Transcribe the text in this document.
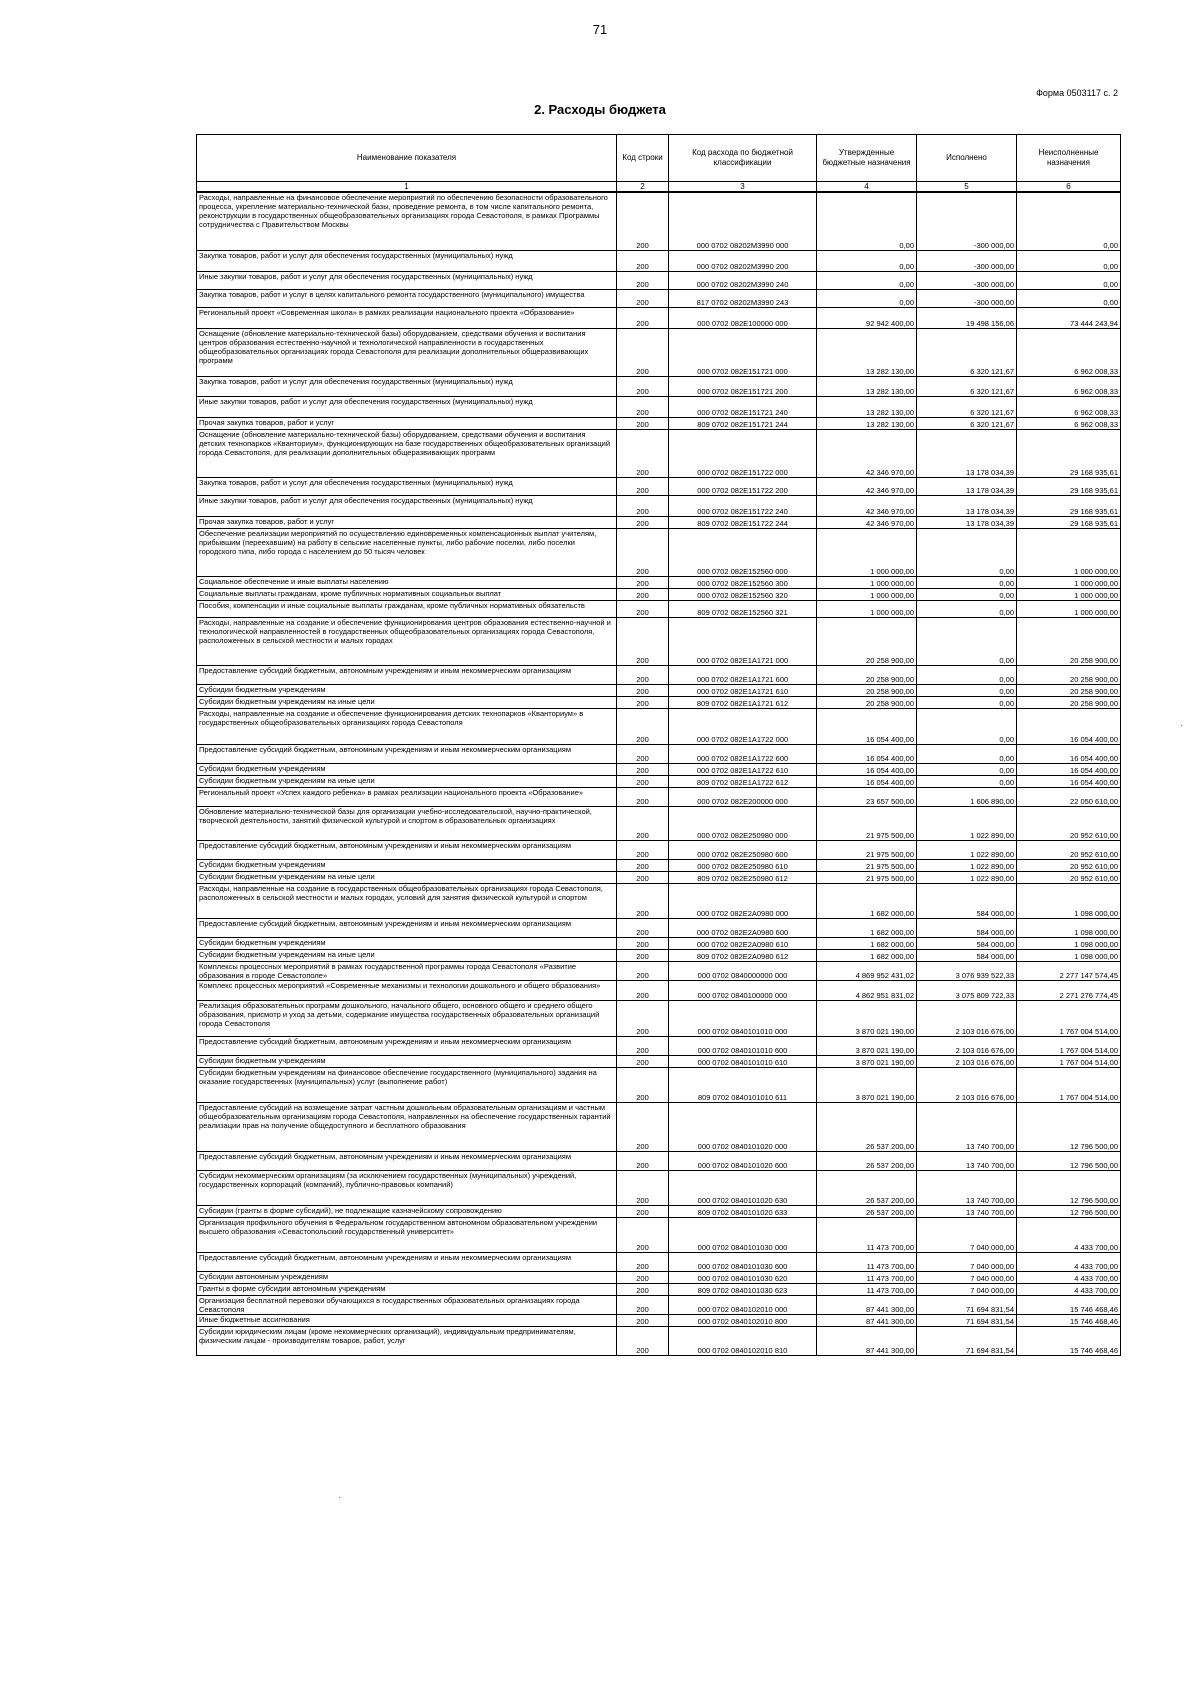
71
Форма 0503117 с. 2
2. Расходы бюджета
Наименование показателя	Код строки	Код расхода по бюджетной классификации	Утвержденные бюджетные назначения	Исполнено	Неисполненные назначения
1	2	3	4	5	6
Расходы, направленные на финансовое обеспечение мероприятий по обеспечению безопасности образовательного процесса, укрепление материально-технической базы, проведение ремонта, в том числе капитального ремонта, реконструкции в государственных общеобразовательных организациях города Севастополя, в рамках Программы сотрудничества с Правительством Москвы	200	000 0702 08202M3990 000	0,00	-300 000,00	0,00
Закупка товаров, работ и услуг для обеспечения государственных (муниципальных) нужд	200	000 0702 08202M3990 200	0,00	-300 000,00	0,00
Иные закупки товаров, работ и услуг для обеспечения государственных (муниципальных) нужд	200	000 0702 08202M3990 240	0,00	-300 000,00	0,00
Закупка товаров, работ и услуг в целях капитального ремонта государственного (муниципального) имущества	200	817 0702 08202M3990 243	0,00	-300 000,00	0,00
Региональный проект «Современная школа» в рамках реализации национального проекта «Образование»	200	000 0702 082E100000 000	92 942 400,00	19 498 156,06	73 444 243,94
Оснащение (обновление материально-технической базы) оборудованием, средствами обучения и воспитания центров образования естественно-научной и технологической направленности в государственных общеобразовательных организациях города Севастополя для реализации дополнительных общеразвивающих программ	200	000 0702 082E151721 000	13 282 130,00	6 320 121,67	6 962 008,33
Закупка товаров, работ и услуг для обеспечения государственных (муниципальных) нужд	200	000 0702 082E151721 200	13 282 130,00	6 320 121,67	6 962 008,33
Иные закупки товаров, работ и услуг для обеспечения государственных (муниципальных) нужд	200	000 0702 082E151721 240	13 282 130,00	6 320 121,67	6 962 008,33
Прочая закупка товаров, работ и услуг	200	809 0702 082E151721 244	13 282 130,00	6 320 121,67	6 962 008,33
Оснащение (обновление материально-технической базы) оборудованием, средствами обучения и воспитания детских технопарков «Кванториум», функционирующих на базе государственных общеобразовательных организаций города Севастополя, для реализации дополнительных общеразвивающих программ	200	000 0702 082E151722 000	42 346 970,00	13 178 034,39	29 168 935,61
Закупка товаров, работ и услуг для обеспечения государственных (муниципальных) нужд	200	000 0702 082E151722 200	42 346 970,00	13 178 034,39	29 168 935,61
Иные закупки товаров, работ и услуг для обеспечения государственных (муниципальных) нужд	200	000 0702 082E151722 240	42 346 970,00	13 178 034,39	29 168 935,61
Прочая закупка товаров, работ и услуг	200	809 0702 082E151722 244	42 346 970,00	13 178 034,39	29 168 935,61
Обеспечение реализации мероприятий по осуществлению единовременных компенсационных выплат учителям, прибывшим (переехавшим) на работу в сельские населенные пункты, либо рабочие поселки, либо поселки городского типа, либо города с населением до 50 тысяч человек	200	000 0702 082E152560 000	1 000 000,00	0,00	1 000 000,00
Социальное обеспечение и иные выплаты населению	200	000 0702 082E152560 300	1 000 000,00	0,00	1 000 000,00
Социальные выплаты гражданам, кроме публичных нормативных социальных выплат	200	000 0702 082E152560 320	1 000 000,00	0,00	1 000 000,00
Пособия, компенсации и иные социальные выплаты гражданам, кроме публичных нормативных обязательств	200	809 0702 082E152560 321	1 000 000,00	0,00	1 000 000,00
Расходы, направленные на создание и обеспечение функционирования центров образования естественно-научной и технологической направленностей в государственных общеобразовательных организациях города Севастополя, расположенных в сельской местности и малых городах	200	000 0702 082E1A1721 000	20 258 900,00	0,00	20 258 900,00
Предоставление субсидий бюджетным, автономным учреждениям и иным некоммерческим организациям	200	000 0702 082E1A1721 600	20 258 900,00	0,00	20 258 900,00
Субсидии бюджетным учреждениям	200	000 0702 082E1A1721 610	20 258 900,00	0,00	20 258 900,00
Субсидии бюджетным учреждениям на иные цели	200	809 0702 082E1A1721 612	20 258 900,00	0,00	20 258 900,00
Расходы, направленные на создание и обеспечение функционирования детских технопарков «Кванториум» в государственных общеобразовательных организациях города Севастополя	200	000 0702 082E1A1722 000	16 054 400,00	0,00	16 054 400,00
Предоставление субсидий бюджетным, автономным учреждениям и иным некоммерческим организациям	200	000 0702 082E1A1722 600	16 054 400,00	0,00	16 054 400,00
Субсидии бюджетным учреждениям	200	000 0702 082E1A1722 610	16 054 400,00	0,00	16 054 400,00
Субсидии бюджетным учреждениям на иные цели	200	809 0702 082E1A1722 612	16 054 400,00	0,00	16 054 400,00
Региональный проект «Успех каждого ребенка» в рамках реализации национального проекта «Образование»	200	000 0702 082E200000 000	23 657 500,00	1 606 890,00	22 050 610,00
Обновление материально-технической базы для организации учебно-исследовательской, научно-практической, творческой деятельности, занятий физической культурой и спортом в образовательных организациях	200	000 0702 082E250980 000	21 975 500,00	1 022 890,00	20 952 610,00
Предоставление субсидий бюджетным, автономным учреждениям и иным некоммерческим организациям	200	000 0702 082E250980 600	21 975 500,00	1 022 890,00	20 952 610,00
Субсидии бюджетным учреждениям	200	000 0702 082E250980 610	21 975 500,00	1 022 890,00	20 952 610,00
Субсидии бюджетным учреждениям на иные цели	200	809 0702 082E250980 612	21 975 500,00	1 022 890,00	20 952 610,00
Расходы, направленные на создание в государственных общеобразовательных организациях города Севастополя, расположенных в сельской местности и малых городах, условий для занятия физической культурой и спортом	200	000 0702 082E2A0980 000	1 682 000,00	584 000,00	1 098 000,00
Предоставление субсидий бюджетным, автономным учреждениям и иным некоммерческим организациям	200	000 0702 082E2A0980 600	1 682 000,00	584 000,00	1 098 000,00
Субсидии бюджетным учреждениям	200	000 0702 082E2A0980 610	1 682 000,00	584 000,00	1 098 000,00
Субсидии бюджетным учреждениям на иные цели	200	809 0702 082E2A0980 612	1 682 000,00	584 000,00	1 098 000,00
Комплексы процессных мероприятий в рамках государственной программы города Севастополя «Развитие образования в городе Севастополе»	200	000 0702 0840000000 000	4 869 952 431,02	3 076 939 522,33	2 277 147 574,45
Комплекс процессных мероприятий «Современные механизмы и технологии дошкольного и общего образования»	200	000 0702 0840100000 000	4 862 951 831,02	3 075 809 722,33	2 271 276 774,45
Реализация образовательных программ дошкольного, начального общего, основного общего и среднего общего образования, присмотр и уход за детьми, содержание имущества государственных образовательных организаций города Севастополя	200	000 0702 0840101010 000	3 870 021 190,00	2 103 016 676,00	1 767 004 514,00
Предоставление субсидий бюджетным, автономным учреждениям и иным некоммерческим организациям	200	000 0702 0840101010 600	3 870 021 190,00	2 103 016 676,00	1 767 004 514,00
Субсидии бюджетным учреждениям	200	000 0702 0840101010 610	3 870 021 190,00	2 103 016 676,00	1 767 004 514,00
Субсидии бюджетным учреждениям на финансовое обеспечение государственного (муниципального) задания на оказание государственных (муниципальных) услуг (выполнение работ)	200	809 0702 0840101010 611	3 870 021 190,00	2 103 016 676,00	1 767 004 514,00
Предоставление субсидий на возмещение затрат частным дошкольным образовательным организациям и частным общеобразовательным организациям города Севастополя, направленных на обеспечение государственных гарантий реализации прав на получение общедоступного и бесплатного образования	200	000 0702 0840101020 000	26 537 200,00	13 740 700,00	12 796 500,00
Предоставление субсидий бюджетным, автономным учреждениям и иным некоммерческим организациям	200	000 0702 0840101020 600	26 537 200,00	13 740 700,00	12 796 500,00
Субсидии некоммерческим организациям (за исключением государственных (муниципальных) учреждений, государственных корпораций (компаний), публично-правовых компаний)	200	000 0702 0840101020 630	26 537 200,00	13 740 700,00	12 796 500,00
Субсидии (гранты в форме субсидий), не подлежащие казначейскому сопровождению	200	809 0702 0840101020 633	26 537 200,00	13 740 700,00	12 796 500,00
Организация профильного обучения в Федеральном государственном автономном образовательном учреждении высшего образования «Севастопольский государственный университет»	200	000 0702 0840101030 000	11 473 700,00	7 040 000,00	4 433 700,00
Предоставление субсидий бюджетным, автономным учреждениям и иным некоммерческим организациям	200	000 0702 0840101030 600	11 473 700,00	7 040 000,00	4 433 700,00
Субсидии автономным учреждениям	200	000 0702 0840101030 620	11 473 700,00	7 040 000,00	4 433 700,00
Гранты в форме субсидии автономным учреждениям	200	809 0702 0840101030 623	11 473 700,00	7 040 000,00	4 433 700,00
Организация бесплатной перевозки обучающихся в государственных образовательных организациях города Севастополя	200	000 0702 0840102010 000	87 441 300,00	71 694 831,54	15 746 468,46
Иные бюджетные ассигнования	200	000 0702 0840102010 800	87 441 300,00	71 694 831,54	15 746 468,46
Субсидии юридическим лицам (кроме некоммерческих организаций), индивидуальным предпринимателям, физическим лицам - производителям товаров, работ, услуг	200	000 0702 0840102010 810	87 441 300,00	71 694 831,54	15 746 468,46
·
·
